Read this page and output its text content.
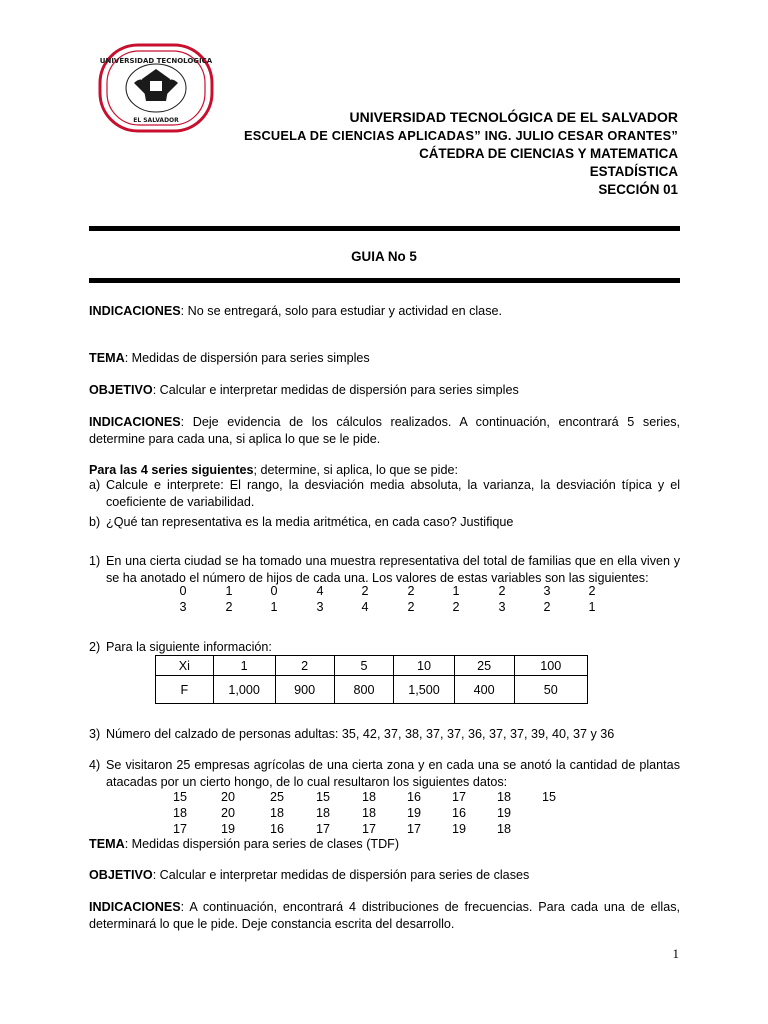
UNIVERSIDAD TECNOLOGICA
EL SALVADOR	UNIVERSIDAD TECNOLÓGICA DE EL SALVADOR
ESCUELA DE CIENCIAS APLICADAS” ING. JULIO CESAR ORANTES”
CÁTEDRA DE CIENCIAS Y MATEMATICA
ESTADÍSTICA
SECCIÓN 01
GUIA No 5
INDICACIONES: No se entregará, solo para estudiar y actividad en clase.
TEMA: Medidas de dispersión para series simples
OBJETIVO: Calcular e interpretar medidas de dispersión para series simples
INDICACIONES: Deje evidencia de los cálculos realizados. A continuación, encontrará 5 series, determine para cada una, si aplica lo que se le pide.
Para las 4 series siguientes; determine, si aplica, lo que se pide:
a) Calcule e interprete: El rango, la desviación media absoluta, la varianza, la desviación típica y el coeficiente de variabilidad.
b) ¿Qué tan representativa es la media aritmética, en cada caso? Justifique
1) En una cierta ciudad se ha tomado una muestra representativa del total de familias que en ella viven y se ha anotado el número de hijos de cada una. Los valores de estas variables son las siguientes:
0	1	0	4	2	2	1	2	3	2
3	2	1	3	4	2	2	3	2	1
2) Para la siguiente información:
Xi	1	2	5	10	25	100
F	1,000	900	800	1,500	400	50
3) Número del calzado de personas adultas: 35, 42, 37, 38, 37, 37, 36, 37, 37, 39, 40, 37 y 36
4) Se visitaron 25 empresas agrícolas de una cierta zona y en cada una se anotó la cantidad de plantas atacadas por un cierto hongo, de lo cual resultaron los siguientes datos:
15	20	25	15	18	16	17	18	15
18	20	18	18	18	19	16	19
17	19	16	17	17	17	19	18
TEMA: Medidas dispersión para series de clases (TDF)
OBJETIVO: Calcular e interpretar medidas de dispersión para series de clases
INDICACIONES: A continuación, encontrará 4 distribuciones de frecuencias. Para cada una de ellas, determinará lo que le pide. Deje constancia escrita del desarrollo.
1
